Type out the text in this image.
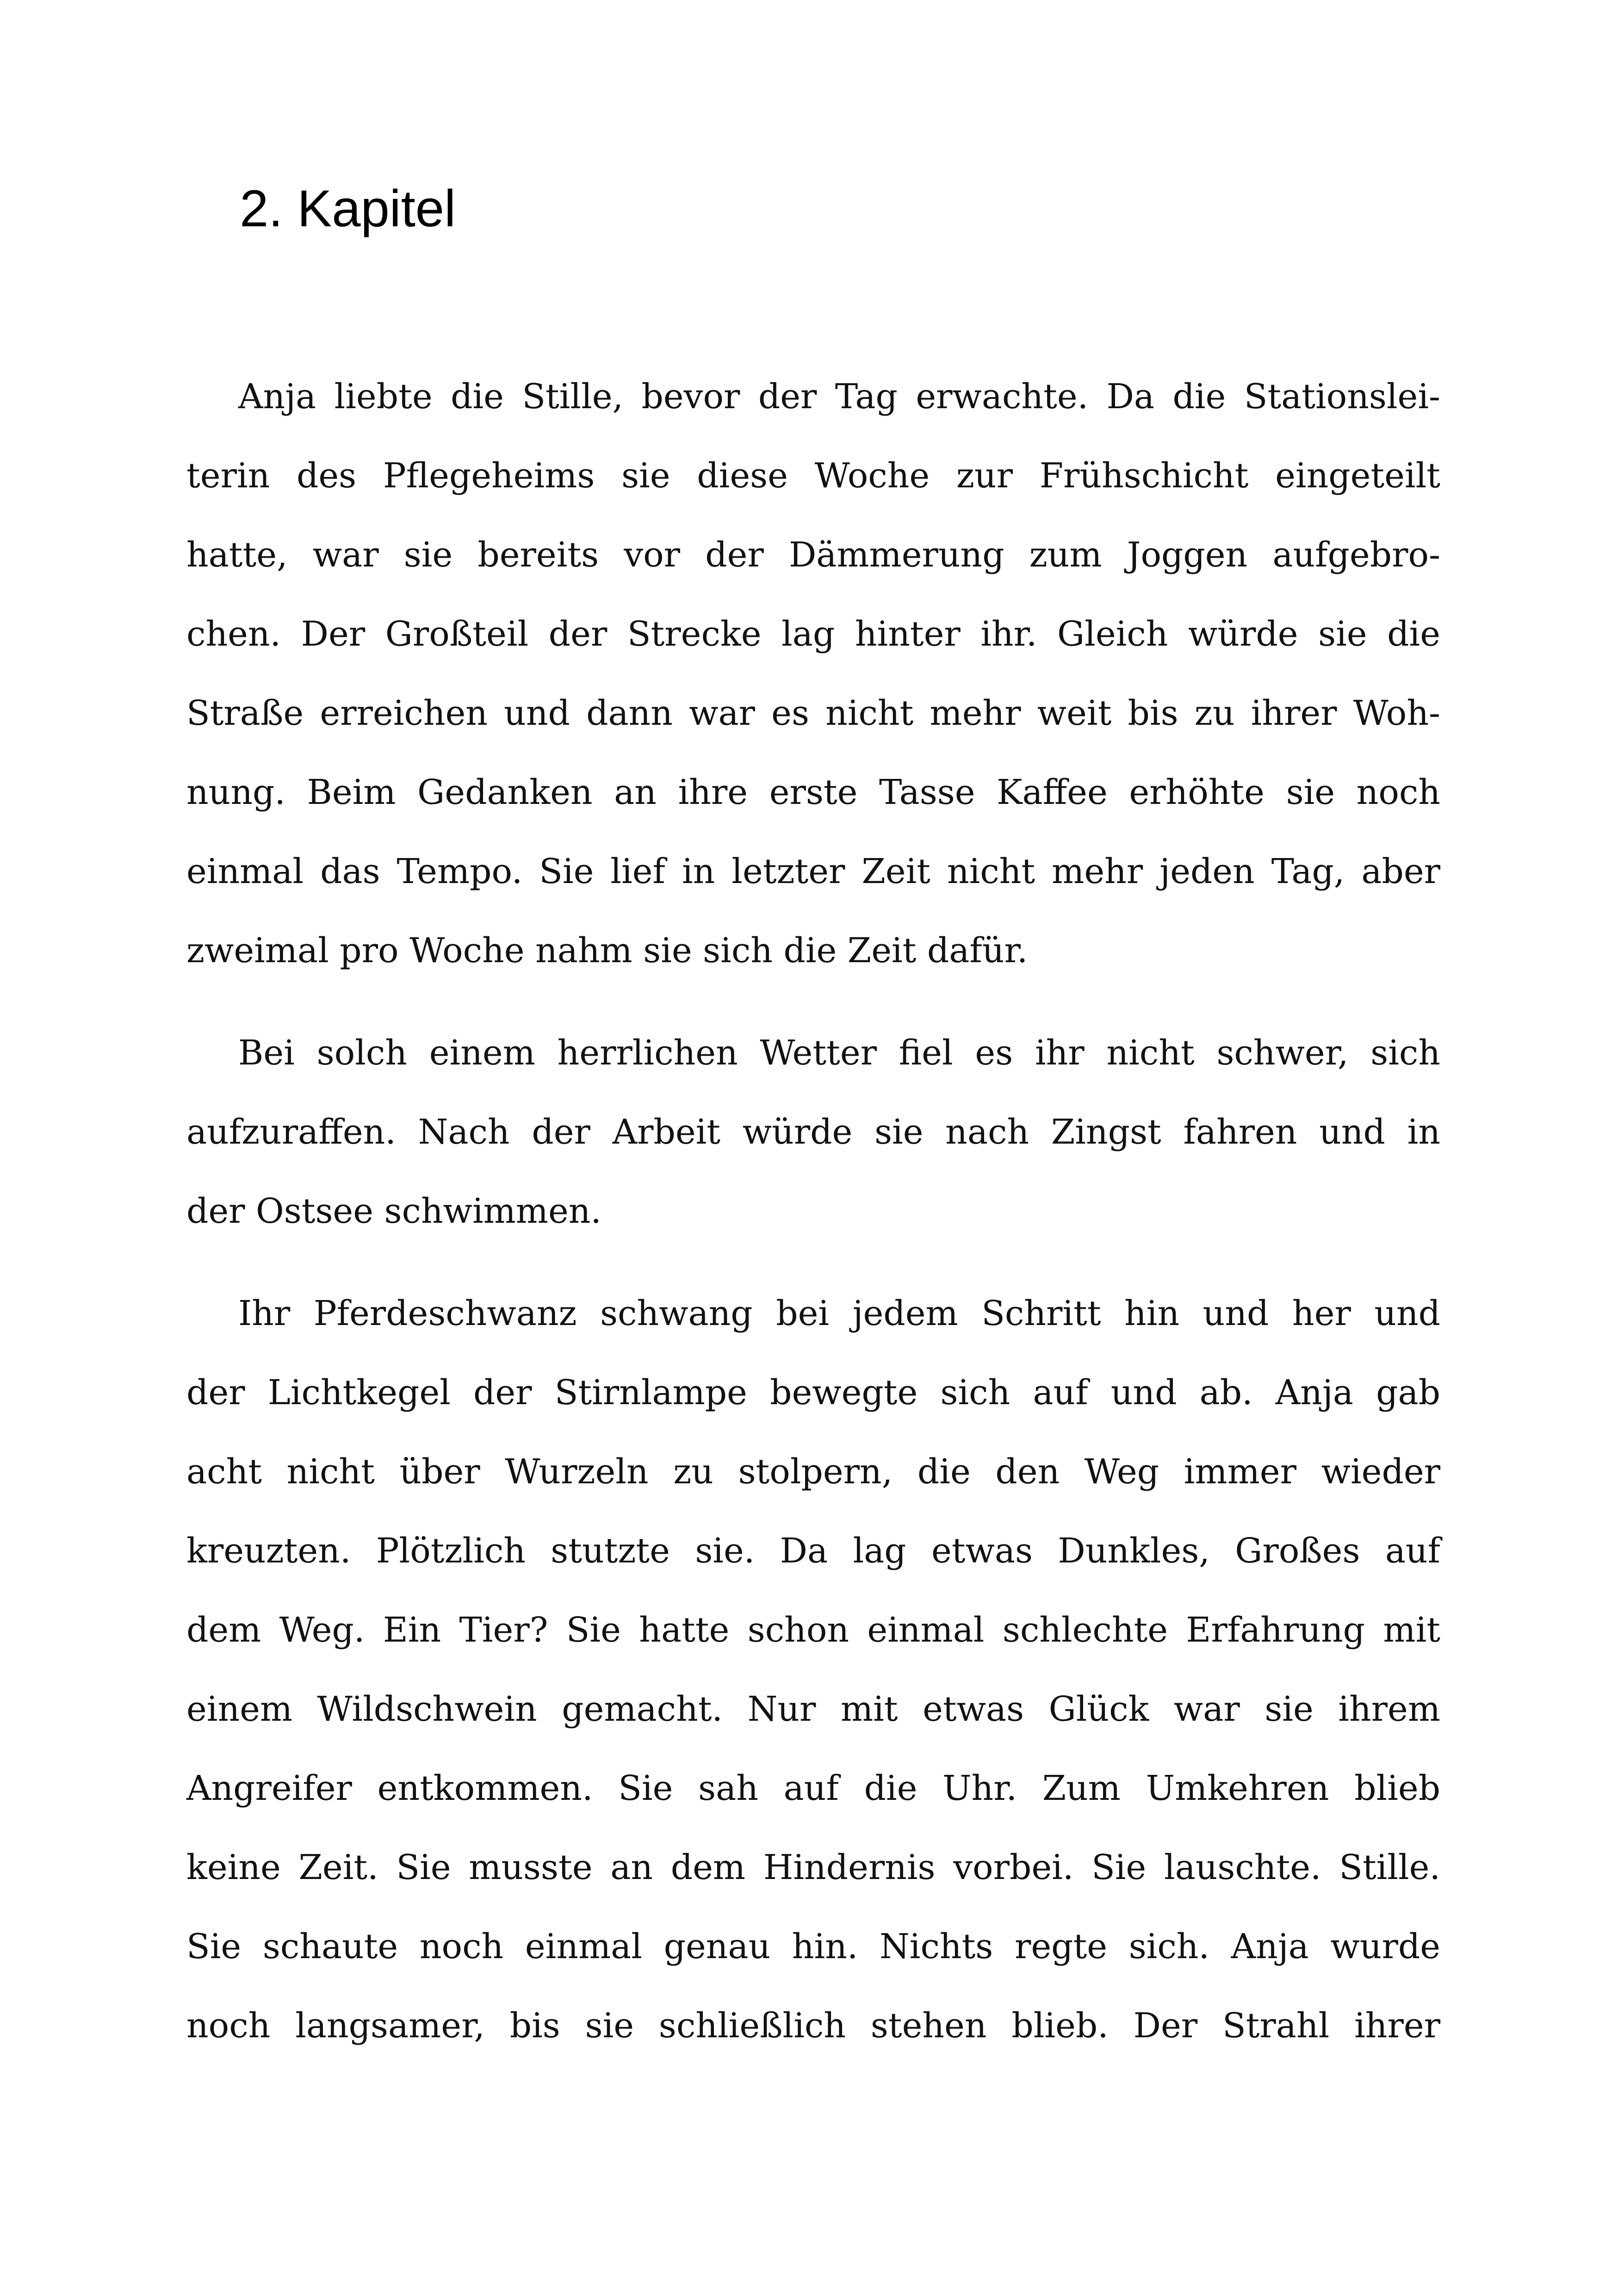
2. Kapitel

Anja liebte die Stille, bevor der Tag erwachte. Da die Stationslei-
terin des Pflegeheims sie diese Woche zur Frühschicht eingeteilt
hatte, war sie bereits vor der Dämmerung zum Joggen aufgebro-
chen. Der Großteil der Strecke lag hinter ihr. Gleich würde sie die
Straße erreichen und dann war es nicht mehr weit bis zu ihrer Woh-
nung. Beim Gedanken an ihre erste Tasse Kaffee erhöhte sie noch
einmal das Tempo. Sie lief in letzter Zeit nicht mehr jeden Tag, aber
zweimal pro Woche nahm sie sich die Zeit dafür.

Bei solch einem herrlichen Wetter fiel es ihr nicht schwer, sich
aufzuraffen. Nach der Arbeit würde sie nach Zingst fahren und in
der Ostsee schwimmen.

Ihr Pferdeschwanz schwang bei jedem Schritt hin und her und
der Lichtkegel der Stirnlampe bewegte sich auf und ab. Anja gab
acht nicht über Wurzeln zu stolpern, die den Weg immer wieder
kreuzten. Plötzlich stutzte sie. Da lag etwas Dunkles, Großes auf
dem Weg. Ein Tier? Sie hatte schon einmal schlechte Erfahrung mit
einem Wildschwein gemacht. Nur mit etwas Glück war sie ihrem
Angreifer entkommen. Sie sah auf die Uhr. Zum Umkehren blieb
keine Zeit. Sie musste an dem Hindernis vorbei. Sie lauschte. Stille.
Sie schaute noch einmal genau hin. Nichts regte sich. Anja wurde
noch langsamer, bis sie schließlich stehen blieb. Der Strahl ihrer
